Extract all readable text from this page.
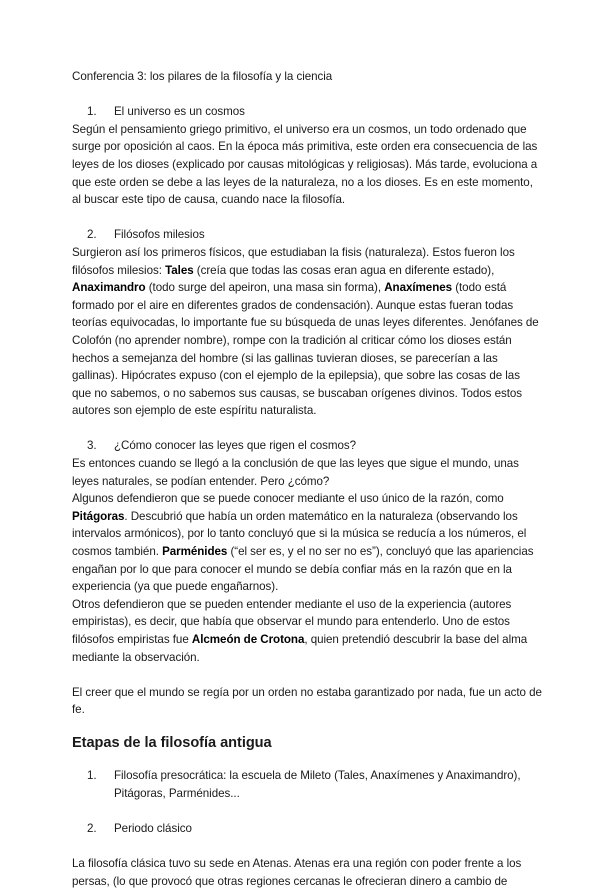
Conferencia 3: los pilares de la filosofía y la ciencia

1.	El universo es un cosmos

Según el pensamiento griego primitivo, el universo era un cosmos, un todo ordenado que surge por oposición al caos. En la época más primitiva, este orden era consecuencia de las leyes de los dioses (explicado por causas mitológicas y religiosas). Más tarde, evoluciona a que este orden se debe a las leyes de la naturaleza, no a los dioses. Es en este momento, al buscar este tipo de causa, cuando nace la filosofía.

2.	Filósofos milesios

Surgieron así los primeros físicos, que estudiaban la fisis (naturaleza). Estos fueron los filósofos milesios: Tales (creía que todas las cosas eran agua en diferente estado), Anaximandro (todo surge del apeiron, una masa sin forma), Anaxímenes (todo está formado por el aire en diferentes grados de condensación). Aunque estas fueran todas teorías equivocadas, lo importante fue su búsqueda de unas leyes diferentes. Jenófanes de Colofón (no aprender nombre), rompe con la tradición al criticar cómo los dioses están hechos a semejanza del hombre (si las gallinas tuvieran dioses, se parecerían a las gallinas). Hipócrates expuso (con el ejemplo de la epilepsia), que sobre las cosas de las que no sabemos, o no sabemos sus causas, se buscaban orígenes divinos. Todos estos autores son ejemplo de este espíritu naturalista.

3.	¿Cómo conocer las leyes que rigen el cosmos?

Es entonces cuando se llegó a la conclusión de que las leyes que sigue el mundo, unas leyes naturales, se podían entender. Pero ¿cómo?

Algunos defendieron que se puede conocer mediante el uso único de la razón, como Pitágoras. Descubrió que había un orden matemático en la naturaleza (observando los intervalos armónicos), por lo tanto concluyó que si la música se reducía a los números, el cosmos también. Parménides (“el ser es, y el no ser no es”), concluyó que las apariencias engañan por lo que para conocer el mundo se debía confiar más en la razón que en la experiencia (ya que puede engañarnos).

Otros defendieron que se pueden entender mediante el uso de la experiencia (autores empiristas), es decir, que había que observar el mundo para entenderlo. Uno de estos filósofos empiristas fue Alcmeón de Crotona, quien pretendió descubrir la base del alma mediante la observación.

El creer que el mundo se regía por un orden no estaba garantizado por nada, fue un acto de fe.

Etapas de la filosofía antigua

1.	Filosofía presocrática: la escuela de Mileto (Tales, Anaxímenes y Anaximandro), Pitágoras, Parménides...

2.	Periodo clásico

La filosofía clásica tuvo su sede en Atenas. Atenas era una región con poder frente a los persas, (lo que provocó que otras regiones cercanas le ofrecieran dinero a cambio de
